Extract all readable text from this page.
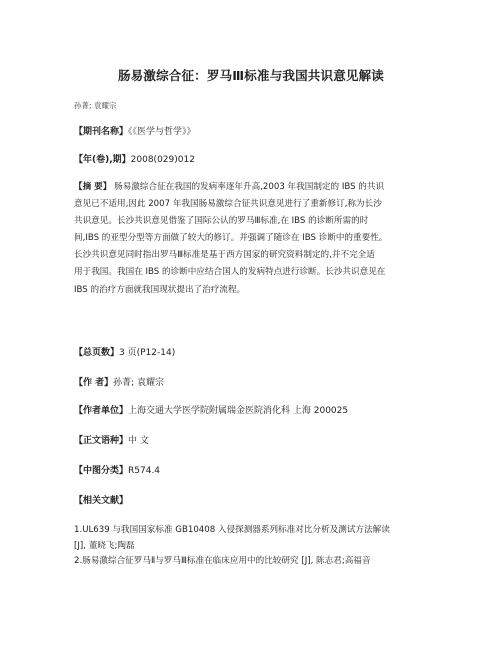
肠易激综合征：罗马Ⅲ标准与我国共识意见解读
孙菁; 袁耀宗
【期刊名称】《《医学与哲学》》
【年(卷),期】2008(029)012
【摘 要】 肠易激综合征在我国的发病率逐年升高,2003 年我国制定的 IBS 的共识
意见已不适用,因此 2007 年我国肠易激综合征共识意见进行了重新修订,称为长沙
共识意见。长沙共识意见借鉴了国际公认的罗马Ⅲ标准,在 IBS 的诊断所需的时
间,IBS 的亚型分型等方面做了较大的修订。并强调了随诊在 IBS 诊断中的重要性。
长沙共识意见同时指出罗马Ⅲ标准是基于西方国家的研究资料制定的,并不完全适
用于我国。我国在 IBS 的诊断中应结合国人的发病特点进行诊断。长沙共识意见在
IBS 的治疗方面就我国现状提出了治疗流程。
【总页数】3 页(P12-14)
【作 者】孙菁; 袁耀宗
【作者单位】上海交通大学医学院附属瑞金医院消化科 上海 200025
【正文语种】中 文
【中图分类】R574.4
【相关文献】
1.UL639 与我国国家标准 GB10408 入侵探测器系列标准对比分析及测试方法解读
[J], 董晓飞;陶磊
2.肠易激综合征罗马Ⅱ与罗马Ⅲ标准在临床应用中的比较研究 [J], 陈志君;高福音
